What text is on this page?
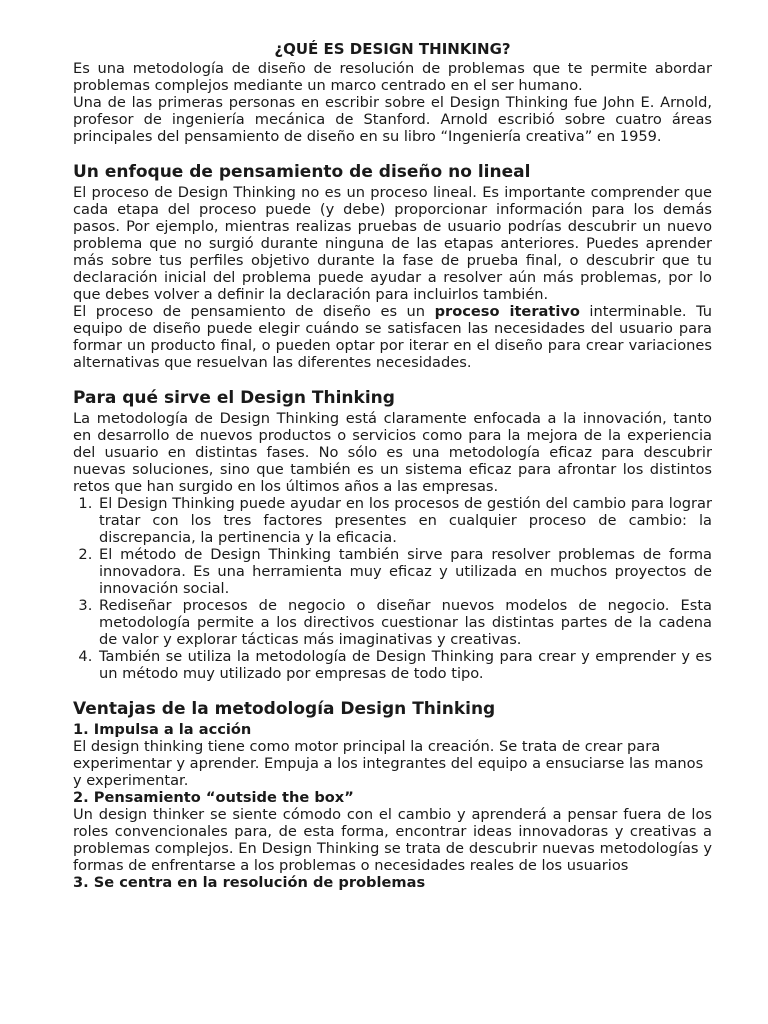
¿QUÉ ES DESIGN THINKING?

Es una metodología de diseño de resolución de problemas que te permite abordar problemas complejos mediante un marco centrado en el ser humano.

Una de las primeras personas en escribir sobre el Design Thinking fue John E. Arnold, profesor de ingeniería mecánica de Stanford. Arnold escribió sobre cuatro áreas principales del pensamiento de diseño en su libro “Ingeniería creativa” en 1959.

Un enfoque de pensamiento de diseño no lineal

El proceso de Design Thinking no es un proceso lineal. Es importante comprender que cada etapa del proceso puede (y debe) proporcionar información para los demás pasos. Por ejemplo, mientras realizas pruebas de usuario podrías descubrir un nuevo problema que no surgió durante ninguna de las etapas anteriores. Puedes aprender más sobre tus perfiles objetivo durante la fase de prueba final, o descubrir que tu declaración inicial del problema puede ayudar a resolver aún más problemas, por lo que debes volver a definir la declaración para incluirlos también.

El proceso de pensamiento de diseño es un proceso iterativo interminable. Tu equipo de diseño puede elegir cuándo se satisfacen las necesidades del usuario para formar un producto final, o pueden optar por iterar en el diseño para crear variaciones alternativas que resuelvan las diferentes necesidades.

Para qué sirve el Design Thinking

La metodología de Design Thinking está claramente enfocada a la innovación, tanto en desarrollo de nuevos productos o servicios como para la mejora de la experiencia del usuario en distintas fases. No sólo es una metodología eficaz para descubrir nuevas soluciones, sino que también es un sistema eficaz para afrontar los distintos retos que han surgido en los últimos años a las empresas.

1. El Design Thinking puede ayudar en los procesos de gestión del cambio para lograr tratar con los tres factores presentes en cualquier proceso de cambio: la discrepancia, la pertinencia y la eficacia.
2. El método de Design Thinking también sirve para resolver problemas de forma innovadora. Es una herramienta muy eficaz y utilizada en muchos proyectos de innovación social.
3. Rediseñar procesos de negocio o diseñar nuevos modelos de negocio. Esta metodología permite a los directivos cuestionar las distintas partes de la cadena de valor y explorar tácticas más imaginativas y creativas.
4. También se utiliza la metodología de Design Thinking para crear y emprender y es un método muy utilizado por empresas de todo tipo.
Ventajas de la metodología Design Thinking
1. Impulsa a la acción

El design thinking tiene como motor principal la creación. Se trata de crear para experimentar y aprender. Empuja a los integrantes del equipo a ensuciarse las manos y experimentar.

2. Pensamiento “outside the box”

Un design thinker se siente cómodo con el cambio y aprenderá a pensar fuera de los roles convencionales para, de esta forma, encontrar ideas innovadoras y creativas a problemas complejos. En Design Thinking se trata de descubrir nuevas metodologías y formas de enfrentarse a los problemas o necesidades reales de los usuarios

3. Se centra en la resolución de problemas
